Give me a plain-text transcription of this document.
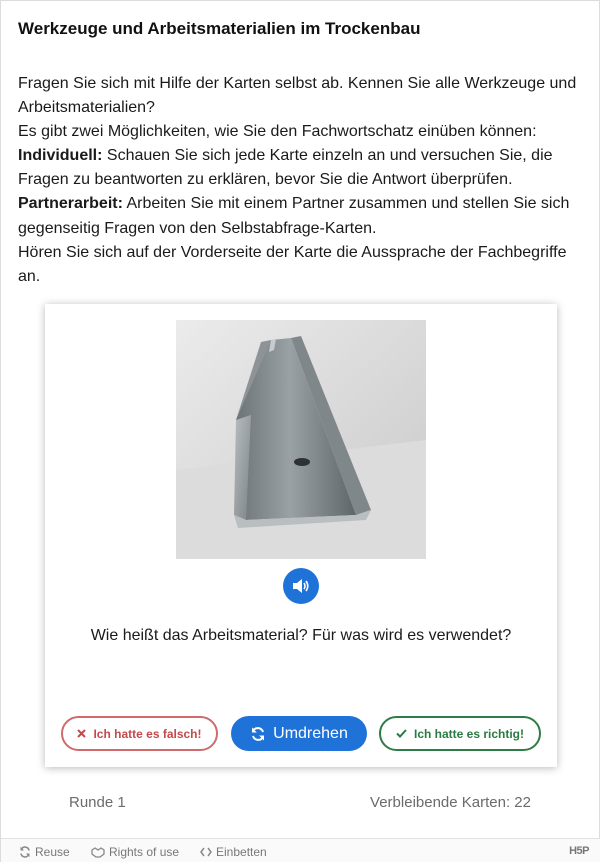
Werkzeuge und Arbeitsmaterialien im Trockenbau
Fragen Sie sich mit Hilfe der Karten selbst ab. Kennen Sie alle Werkzeuge und Arbeitsmaterialien?
Es gibt zwei Möglichkeiten, wie Sie den Fachwortschatz einüben können:
Individuell: Schauen Sie sich jede Karte einzeln an und versuchen Sie, die Fragen zu beantworten zu erklären, bevor Sie die Antwort überprüfen.
Partnerarbeit: Arbeiten Sie mit einem Partner zusammen und stellen Sie sich gegenseitig Fragen von den Selbstabfrage-Karten.
Hören Sie sich auf der Vorderseite der Karte die Aussprache der Fachbegriffe an.
Wie heißt das Arbeitsmaterial? Für was wird es verwendet?
Ich hatte es falsch!	Umdrehen	Ich hatte es richtig!
Runde 1	Verbleibende Karten: 22
Reuse	Rights of use	Einbetten	H5P
